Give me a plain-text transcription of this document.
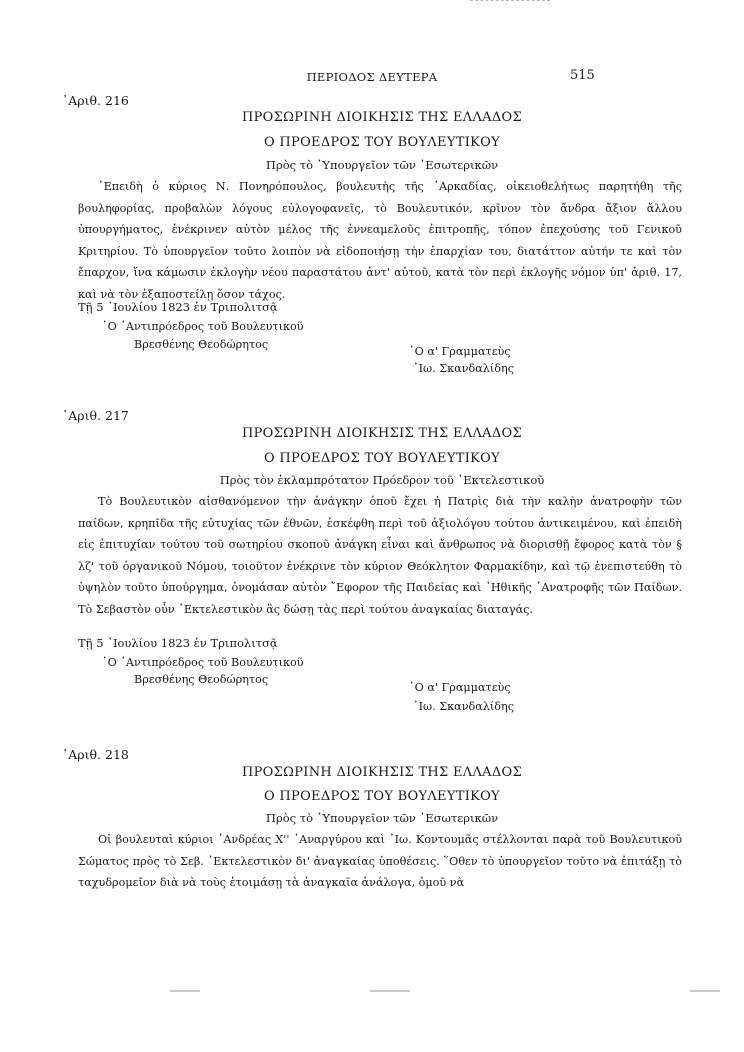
ΠΕΡΙΟΔΟΣ ΔΕΥΤΕΡΑ	515
᾿Αριθ. 216
ΠΡΟΣΩΡΙΝΗ ΔΙΟΙΚΗΣΙΣ ΤΗΣ ΕΛΛΑΔΟΣ
Ο ΠΡΟΕΔΡΟΣ ΤΟΥ ΒΟΥΛΕΥΤΙΚΟΥ
Πρὸς τὸ ῾Υπουργεῖον τῶν ᾿Εσωτερικῶν

᾿Επειδὴ ὁ κύριος Ν. Πονηρόπουλος, βουλευτὴς τῆς ᾿Αρκαδίας, οἰκειοθελήτως παρητήθη τῆς βουληφορίας, προβαλὼν λόγους εὐλογοφανεῖς, τὸ Βουλευτικόν, κρῖνον τὸν ἄνδρα ἄξιον ἄλλου ὑπουργήματος, ἐνέκρινεν αὐτὸν μέλος τῆς ἐννεαμελοῦς ἐπιτροπῆς, τόπον ἐπεχούσης τοῦ Γενικοῦ Κριτηρίου. Τὸ ὑπουργεῖον τοῦτο λοιπὸν νὰ εἰδοποιήσῃ τὴν ἐπαρχίαν του, διατάττον αὐτήν τε καὶ τὸν ἔπαρχον, ἵνα κάμωσιν ἐκλογὴν νέου παραστάτου ἀντ' αὐτοῦ, κατὰ τὸν περὶ ἐκλογῆς νόμον ὑπ' ἀριθ. 17, καὶ νὰ τὸν ἐξαποστείλῃ ὅσον τάχος.

Τῇ 5 ᾿Ιουλίου 1823 ἐν Τριπολιτσᾷ
῾Ο ᾿Αντιπρόεδρος τοῦ Βουλευτικοῦ
Βρεσθένης Θεοδώρητος
῾Ο α' Γραμματεὺς
᾿Ιω. Σκανδαλίδης
᾿Αριθ. 217
ΠΡΟΣΩΡΙΝΗ ΔΙΟΙΚΗΣΙΣ ΤΗΣ ΕΛΛΑΔΟΣ
Ο ΠΡΟΕΔΡΟΣ ΤΟΥ ΒΟΥΛΕΥΤΙΚΟΥ
Πρὸς τὸν ἐκλαμπρότατον Πρόεδρον τοῦ ᾿Εκτελεστικοῦ

Τὸ Βουλευτικὸν αἰσθανόμενον τὴν ἀνάγκην ὁποῦ ἔχει ἡ Πατρὶς διὰ τὴν καλὴν ἀνατροφὴν τῶν παίδων, κρηπῖδα τῆς εὐτυχίας τῶν ἐθνῶν, ἐσκέφθη περὶ τοῦ ἀξιολόγου τούτου ἀντικειμένου, καὶ ἐπειδὴ εἰς ἐπιτυχίαν τούτου τοῦ σωτηρίου σκοποῦ ἀνάγκη εἶναι καὶ ἄνθρωπος νὰ διορισθῇ ἔφορος κατὰ τὸν § λζ' τοῦ ὀργανικοῦ Νόμου, τοιοῦτον ἐνέκρινε τὸν κύριον Θεόκλητον Φαρμακίδην, καὶ τῷ ἐνεπιστεύθη τὸ ὑψηλὸν τοῦτο ὑπούργημα, ὀνομάσαν αὐτὸν ῎Εφορον τῆς Παιδείας καὶ ᾿Ηθικῆς ᾿Ανατροφῆς τῶν Παίδων. Τὸ Σεβαστὸν οὖν ᾿Εκτελεστικὸν ἂς δώσῃ τὰς περὶ τούτου ἀναγκαίας διαταγάς.

Τῇ 5 ᾿Ιουλίου 1823 ἐν Τριπολιτσᾷ
῾Ο ᾿Αντιπρόεδρος τοῦ Βουλευτικοῦ
Βρεσθένης Θεοδώρητος
῾Ο α' Γραμματεὺς
᾿Ιω. Σκανδαλίδης
᾿Αριθ. 218
ΠΡΟΣΩΡΙΝΗ ΔΙΟΙΚΗΣΙΣ ΤΗΣ ΕΛΛΑΔΟΣ
Ο ΠΡΟΕΔΡΟΣ ΤΟΥ ΒΟΥΛΕΥΤΙΚΟΥ
Πρὸς τὸ ῾Υπουργεῖον τῶν ᾿Εσωτερικῶν

Οἱ βουλευταὶ κύριοι ᾿Ανδρέας Χ'' ᾿Αναργύρου καὶ ᾿Ιω. Κοντουμᾶς στέλλονται παρὰ τοῦ Βουλευτικοῦ Σώματος πρὸς τὸ Σεβ. ᾿Εκτελεστικὸν δι' ἀναγκαίας ὑποθέσεις. ῞Οθεν τὸ ὑπουργεῖον τοῦτο νὰ ἐπιτάξῃ τὸ ταχυδρομεῖον διὰ νὰ τοὺς ἑτοιμάσῃ τὰ ἀναγκαῖα ἀνάλογα, ὁμοῦ νὰ
